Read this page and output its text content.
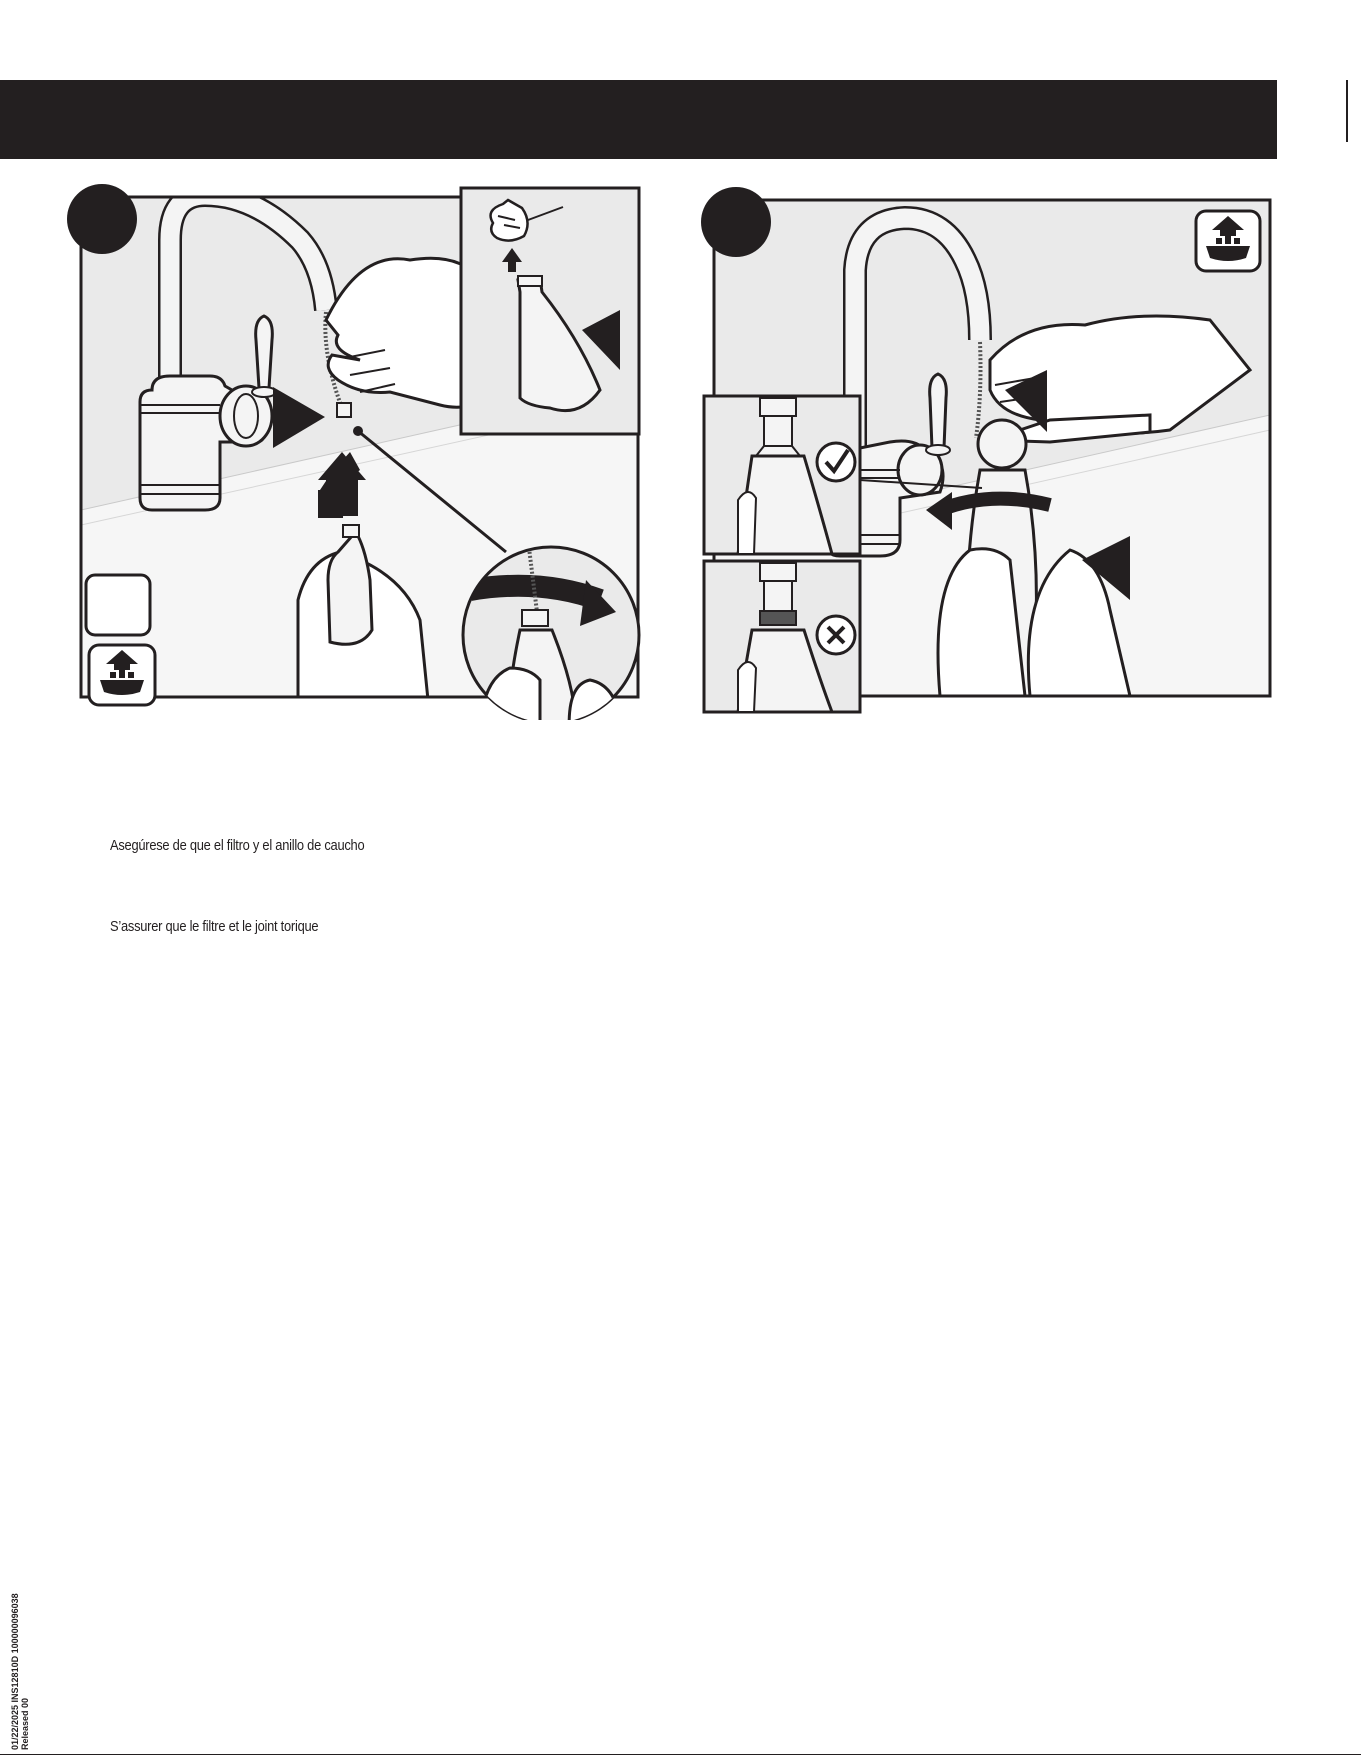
Asegúrese de que el filtro y el anillo de caucho
S’assurer que le filtre et le joint torique
01/22/2025 INS12810D 100000096038 Released 00
